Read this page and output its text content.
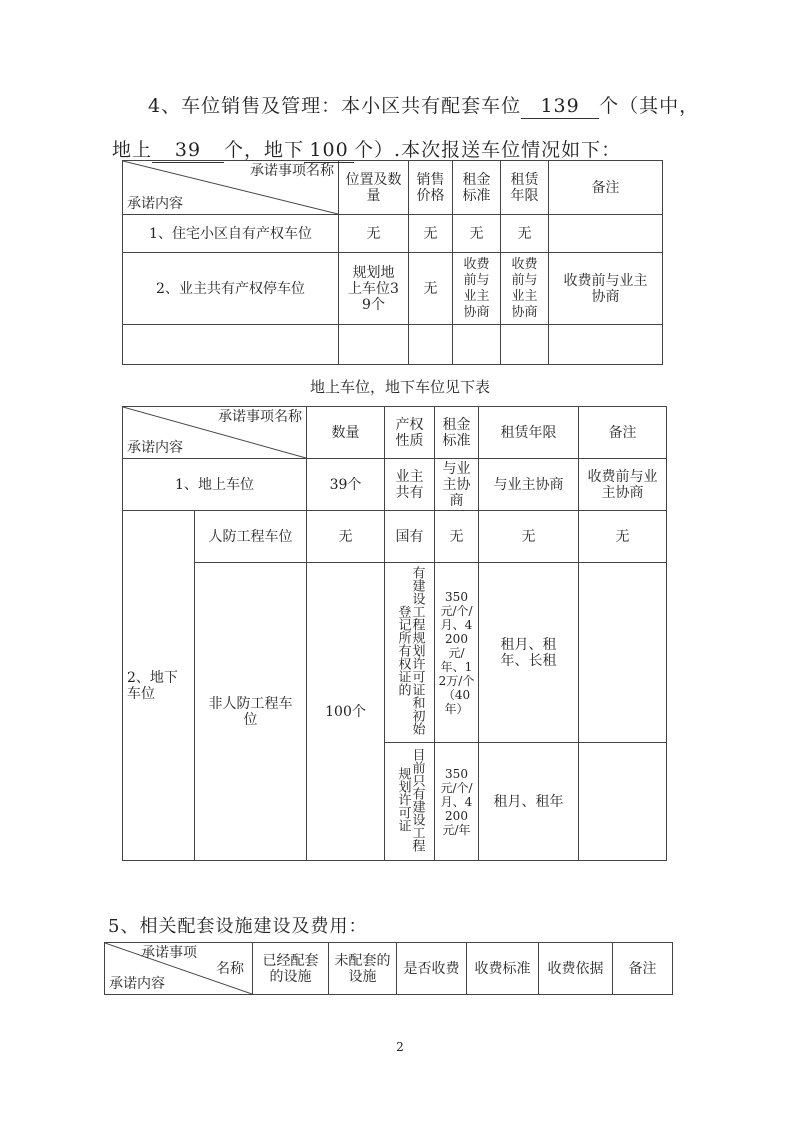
4、车位销售及管理：本小区共有配套车位 139 个（其中，
地上 39 个，地下 100 个）.本次报送车位情况如下：
承诺事项名称
承诺内容	位置及数量	销售价格	租金标准	租赁年限	备注
1、住宅小区自有产权车位	无	无	无	无	
2、业主共有产权停车位	规划地上车位39个	无	收费前与业主协商	收费前与业主协商	收费前与业主协商

地上车位，地下车位见下表
承诺事项名称
承诺内容		数量	产权性质	租金标准	租赁年限	备注
1、地上车位		39个	业主共有	与业主协商	与业主协商	收费前与业主协商
2、地下车位	人防工程车位	无	国有	无	无	无
	非人防工程车位	100个	有建设工程规划许可证和初始登记所有权证的	350元/个/月、4200元/年、12万/个（40年）	租月、租年、长租	
			目前只有建设工程规划许可证	350元/个/月、4200元/年	租月、租年	
5、相关配套设施建设及费用：
承诺事项
名称
承诺内容
	已经配套的设施	未配套的设施	是否收费	收费标准	收费依据	备注
2
